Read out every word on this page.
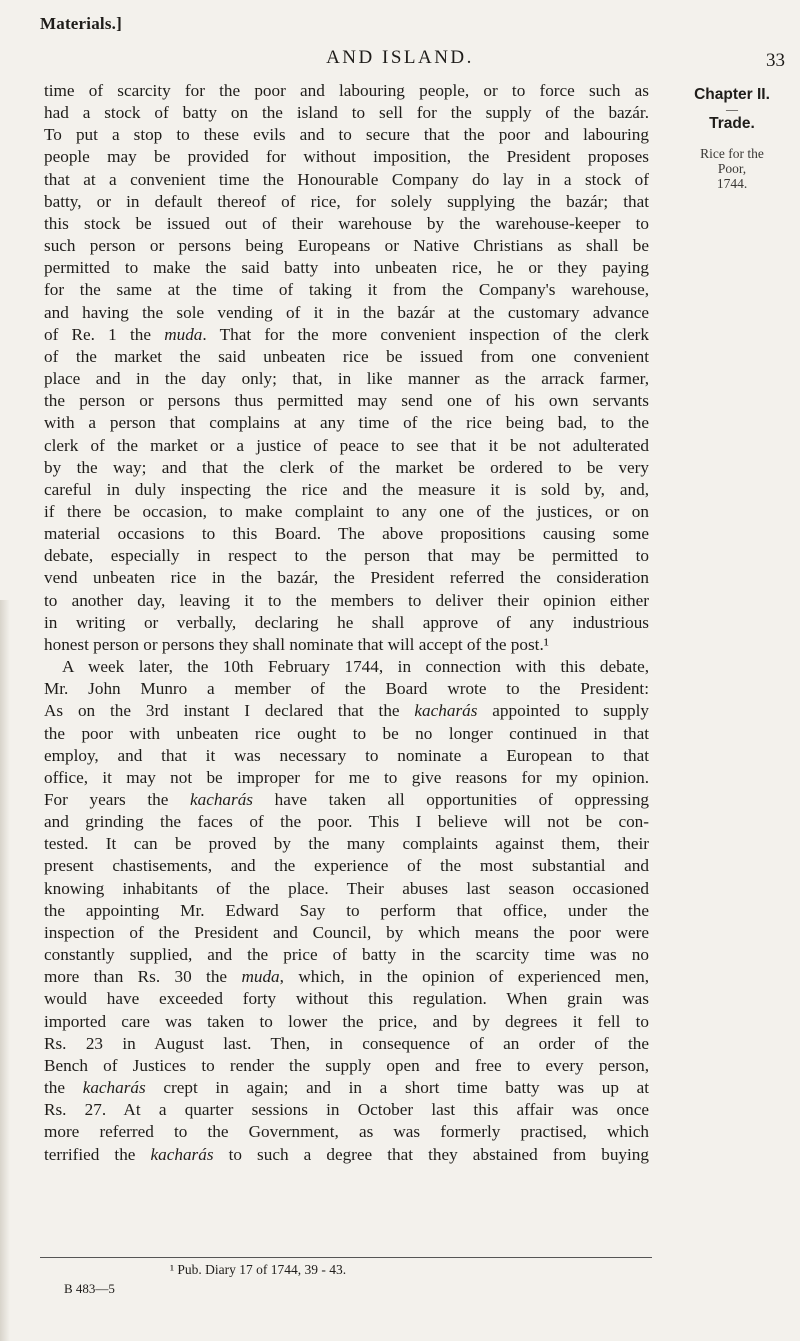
Materials.]
AND ISLAND.	33
time of scarcity for the poor and labouring people, or to force such as
had a stock of batty on the island to sell for the supply of the bazár.
To put a stop to these evils and to secure that the poor and labouring
people may be provided for without imposition, the President proposes
that at a convenient time the Honourable Company do lay in a stock of
batty, or in default thereof of rice, for solely supplying the bazár; that
this stock be issued out of their warehouse by the warehouse-keeper to
such person or persons being Europeans or Native Christians as shall be
permitted to make the said batty into unbeaten rice, he or they paying
for the same at the time of taking it from the Company's warehouse,
and having the sole vending of it in the bazár at the customary advance
of Re. 1 the muda. That for the more convenient inspection of the clerk
of the market the said unbeaten rice be issued from one convenient
place and in the day only; that, in like manner as the arrack farmer,
the person or persons thus permitted may send one of his own servants
with a person that complains at any time of the rice being bad, to the
clerk of the market or a justice of peace to see that it be not adulterated
by the way; and that the clerk of the market be ordered to be very
careful in duly inspecting the rice and the measure it is sold by, and,
if there be occasion, to make complaint to any one of the justices, or on
material occasions to this Board. The above propositions causing some
debate, especially in respect to the person that may be permitted to
vend unbeaten rice in the bazár, the President referred the consideration
to another day, leaving it to the members to deliver their opinion either
in writing or verbally, declaring he shall approve of any industrious
honest person or persons they shall nominate that will accept of the post.¹
A week later, the 10th February 1744, in connection with this debate,
Mr. John Munro a member of the Board wrote to the President:
As on the 3rd instant I declared that the kacharás appointed to supply
the poor with unbeaten rice ought to be no longer continued in that
employ, and that it was necessary to nominate a European to that
office, it may not be improper for me to give reasons for my opinion.
For years the kacharás have taken all opportunities of oppressing
and grinding the faces of the poor. This I believe will not be con-
tested. It can be proved by the many complaints against them, their
present chastisements, and the experience of the most substantial and
knowing inhabitants of the place. Their abuses last season occasioned
the appointing Mr. Edward Say to perform that office, under the
inspection of the President and Council, by which means the poor were
constantly supplied, and the price of batty in the scarcity time was no
more than Rs. 30 the muda, which, in the opinion of experienced men,
would have exceeded forty without this regulation. When grain was
imported care was taken to lower the price, and by degrees it fell to
Rs. 23 in August last. Then, in consequence of an order of the
Bench of Justices to render the supply open and free to every person,
the kacharás crept in again; and in a short time batty was up at
Rs. 27. At a quarter sessions in October last this affair was once
more referred to the Government, as was formerly practised, which
terrified the kacharás to such a degree that they abstained from buying
Chapter II.
—
Trade.
Rice for the
Poor,
1744.
¹ Pub. Diary 17 of 1744, 39 - 43.
B 483—5
